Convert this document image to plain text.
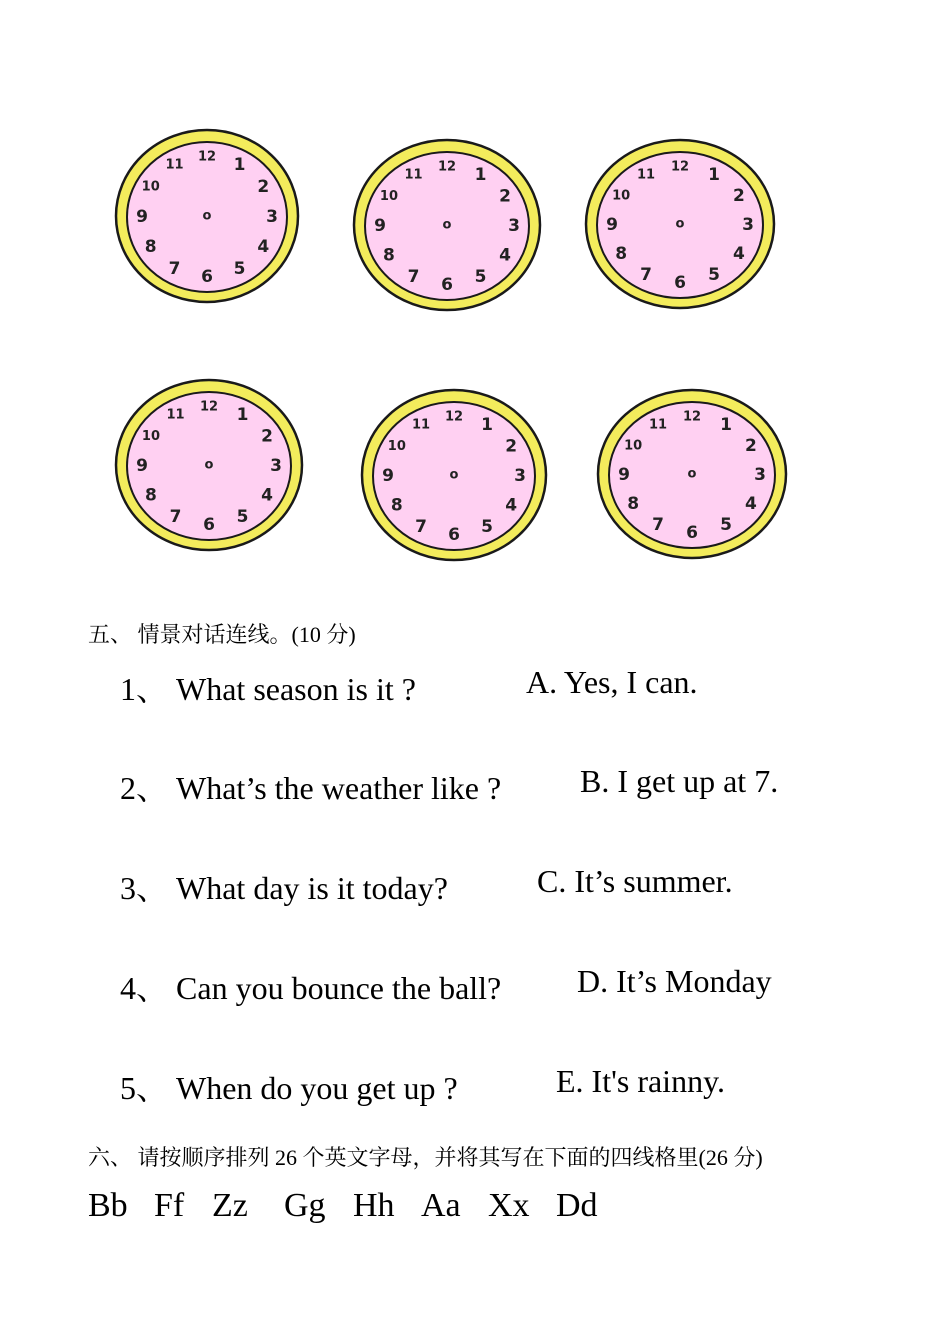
12 1
2
3
4
5
6
7
8
9
10
11
o
12 1
2
3
4
5
6
7
8
9
10
11
o
12 1
2
3
4
5
6
7
8
9
10
11
o
12 1
2
3
4
5
6
7
8
9
10
11
o
12 1
2
3
4
5
6
7
8
9
10
11
o
12 1
2
3
4
5
6
7
8
9
10
11
o
五、 情景对话连线。(10 分)
1、 What season is it ?	A. Yes, I can.
2、 What’s the weather like ? B. I get up at 7.
3、 What day is it today?	C. It’s summer.
4、 Can you bounce the ball? D. It’s Monday
5、 When do you get up ?	E. It's rainny.
六、 请按顺序排列 26 个英文字母，并将其写在下面的四线格里(26 分)
Bb Ff Zz Gg Hh Aa Xx Dd
